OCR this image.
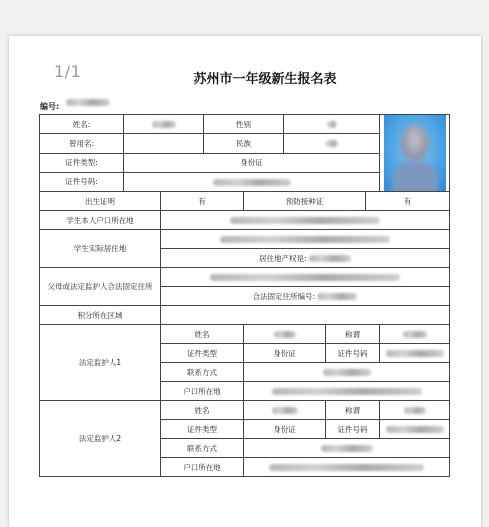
1/1	苏州市一年级新生报名表
编号:
姓名:			性别					

曾用名:			民族					
证件类型:	身份证							
证件号码:								
出生证明		有		预防接种证			有	
学生本人户口所在地								
学生实际居住地								
		居住地产权是:						
父母或法定监护人合法固定住所								
		合法固定住所编号:						
积分所在区域								
法定监护人1		姓名				称谓		
		证件类型		身份证		证件号码		
		联系方式						
		户口所在地						
法定监护人2		姓名				称谓		
		证件类型		身份证		证件号码		
		联系方式						
		户口所在地						
